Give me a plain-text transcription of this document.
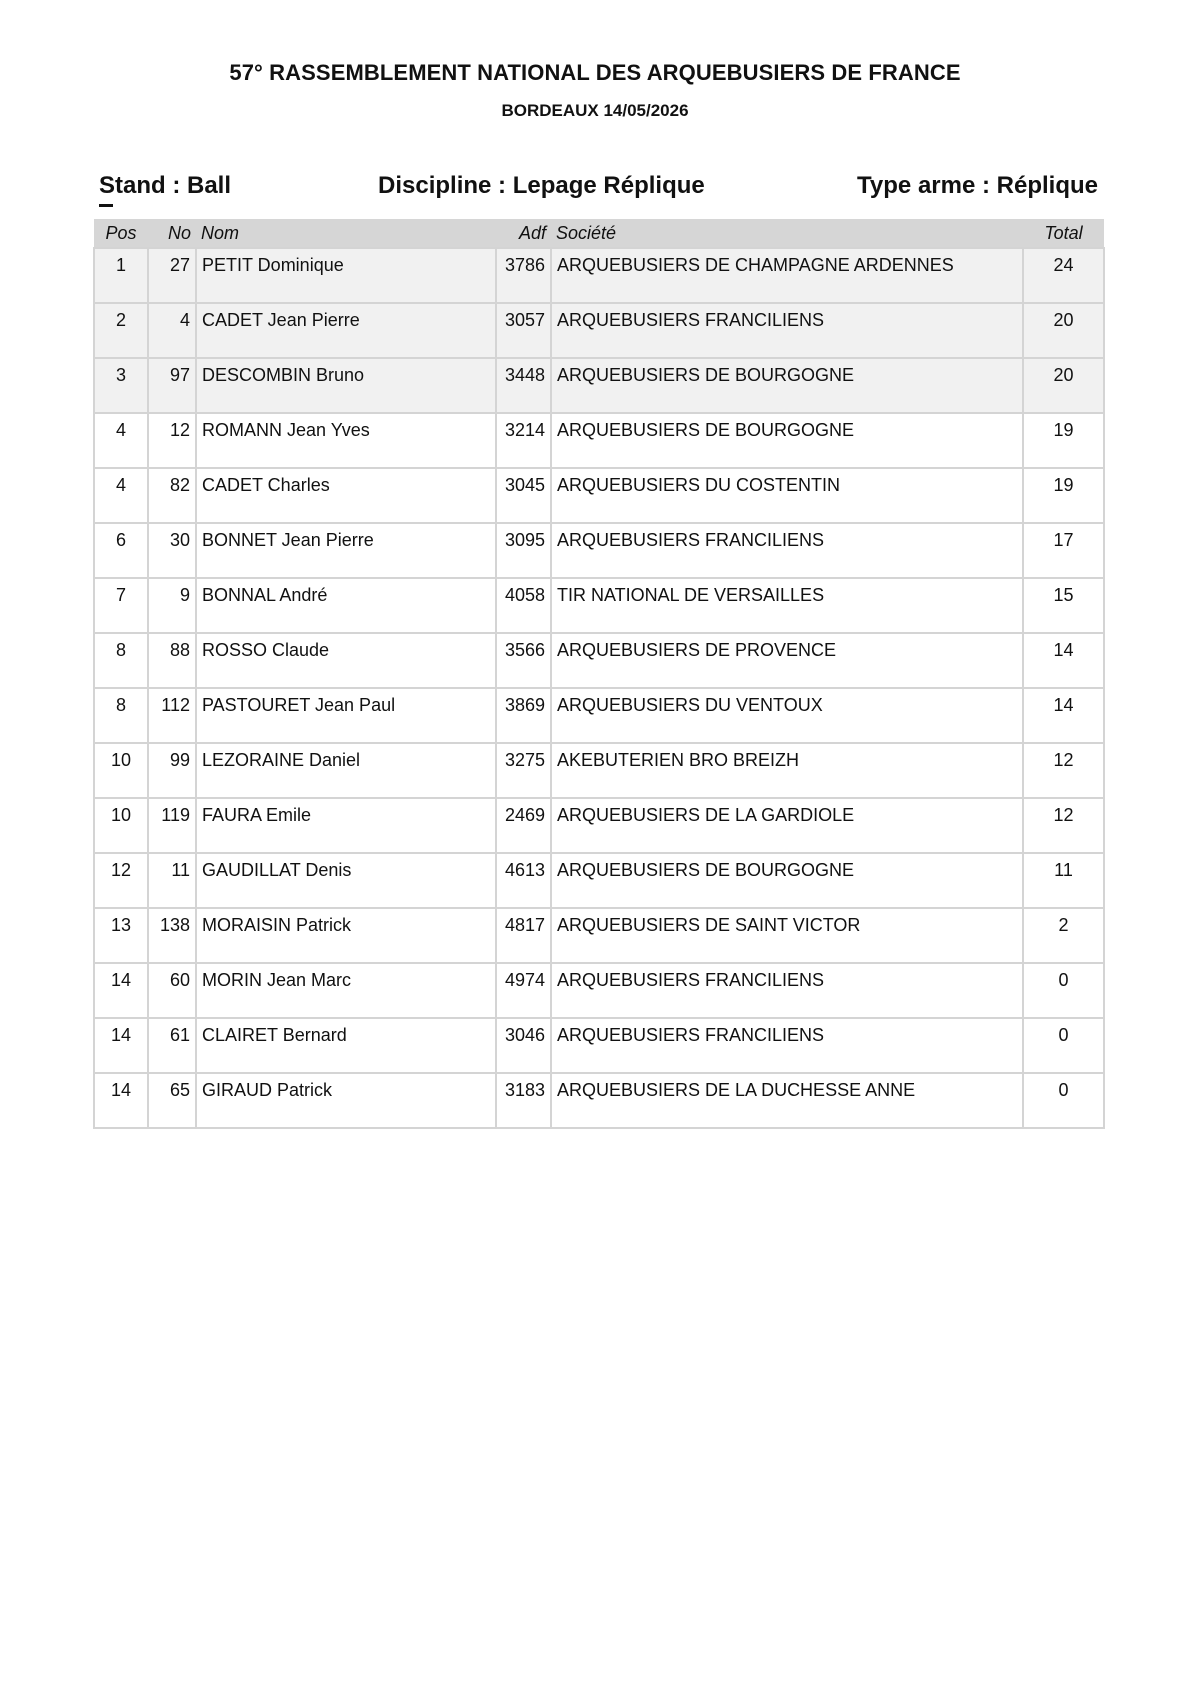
57° RASSEMBLEMENT NATIONAL DES ARQUEBUSIERS DE FRANCE
BORDEAUX 14/05/2026
Stand : Ball	Discipline : Lepage Réplique	Type arme : Réplique
Pos	No	Nom	Adf	Société	Total
1	27	PETIT Dominique	3786	ARQUEBUSIERS DE CHAMPAGNE ARDENNES	24
2	4	CADET Jean Pierre	3057	ARQUEBUSIERS FRANCILIENS	20
3	97	DESCOMBIN Bruno	3448	ARQUEBUSIERS DE BOURGOGNE	20
4	12	ROMANN Jean Yves	3214	ARQUEBUSIERS DE BOURGOGNE	19
4	82	CADET Charles	3045	ARQUEBUSIERS DU COSTENTIN	19
6	30	BONNET Jean Pierre	3095	ARQUEBUSIERS FRANCILIENS	17
7	9	BONNAL André	4058	TIR NATIONAL DE VERSAILLES	15
8	88	ROSSO Claude	3566	ARQUEBUSIERS DE PROVENCE	14
8	112	PASTOURET Jean Paul	3869	ARQUEBUSIERS DU VENTOUX	14
10	99	LEZORAINE Daniel	3275	AKEBUTERIEN BRO BREIZH	12
10	119	FAURA Emile	2469	ARQUEBUSIERS DE LA GARDIOLE	12
12	11	GAUDILLAT Denis	4613	ARQUEBUSIERS DE BOURGOGNE	11
13	138	MORAISIN Patrick	4817	ARQUEBUSIERS DE SAINT VICTOR	2
14	60	MORIN Jean Marc	4974	ARQUEBUSIERS FRANCILIENS	0
14	61	CLAIRET Bernard	3046	ARQUEBUSIERS FRANCILIENS	0
14	65	GIRAUD Patrick	3183	ARQUEBUSIERS DE LA DUCHESSE ANNE	0
